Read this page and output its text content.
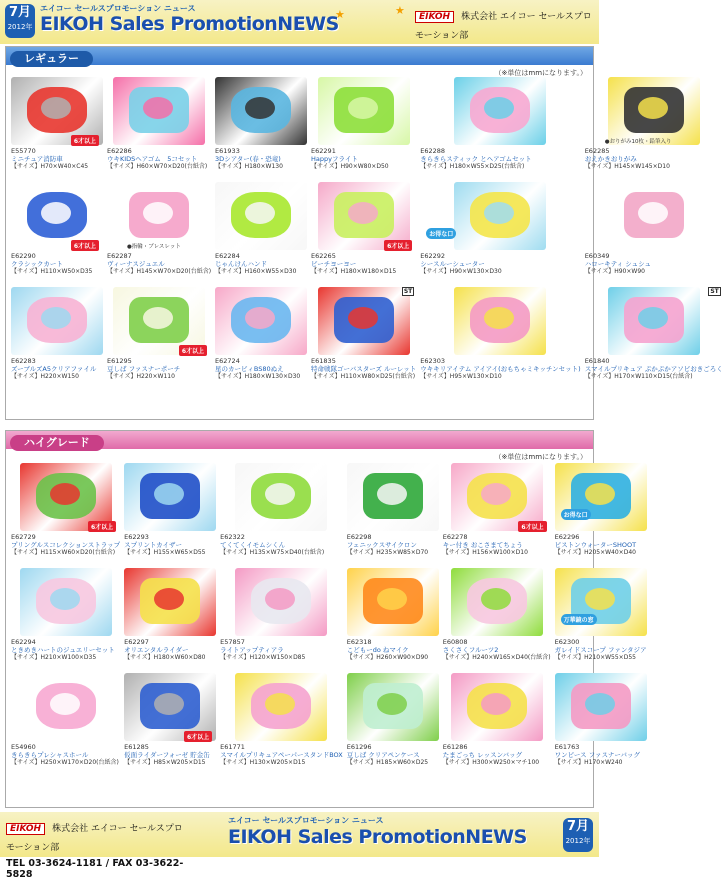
7月
2012年
エイコー セールスプロモーション ニュース
EIKOH Sales PromotionNEWS
★	★	EIKOH 株式会社 エイコー セールスプロモーション部
レギュラー
（※単位はmmになります。）
E55770
ミニチュア消防車
【サイズ】H70×W40×C45
6才以上
E62286
ウキKIDSヘアゴム　5コセット
【サイズ】H60×W70×D20(台紙含)
E61933
3Dシアター(春・恐竜)
【サイズ】H180×W130
E62291
Happyフライト
【サイズ】H90×W80×D50
E62288
きらきらスティック とヘアゴムセット
【サイズ】H180×W55×D25(台紙含)
E62285
おえかきおりがみ
【サイズ】H145×W145×D10
●おりがみ10枚・鉛筆入り
E62290
クラシックカート
【サイズ】H110×W50×D35
6才以上
E62287
ヴィーナスジュエル
【サイズ】H145×W70×D20(台紙含)
●指輪・ブレスレット
E62284
じゃんけんハンド
【サイズ】H160×W55×D30
E62265
ピーチヨーヨー
【サイズ】H180×W180×D15
6才以上
E62292
シースルーシューター
【サイズ】H90×W130×D30
お得な口
E60349
ハローキティ シュシュ
【サイズ】H90×W90
E62283
ズーブルズA5クリアファイル
【サイズ】H220×W150
E61295
豆しば ファスナーポーチ
【サイズ】H220×W110
6才以上
E62724
星のカービィBS80ぬえ
【サイズ】H180×W130×D30
E61835
特命戦隊ゴーバスターズ ルーレット
【サイズ】H110×W80×D25(台紙含)
ST
E62303
ウキキリアイテム アイアイ(おもちゃミキッチンセット)
【サイズ】H95×W130×D10
E61840
スマイルプリキュア ぷかぷかアソビおきごろく
【サイズ】H170×W110×D15(台紙含)
ST
ハイグレード
（※単位はmmになります。）
E62729
プリングルスコレクションストラップ
【サイズ】H115×W60×D20(台紙含)
6才以上
E62293
スプリントカイザー
【サイズ】H155×W65×D55
E62322
てくてくイモムシくん
【サイズ】H135×W75×D40(台紙含)
E62298
フェニックスサイクロン
【サイズ】H235×W85×D70
E62278
キー付き おこさまてちょう
【サイズ】H156×W100×D10
6才以上
E62296
ピストンウォーターSHOOT
【サイズ】H205×W40×D40
お得な口
E62294
ときめきハートのジュエリーセット
【サイズ】H210×W100×D35
E62297
オリエンタルライダー
【サイズ】H180×W60×D80
E57857
ライトアップティアラ
【サイズ】H120×W150×D85
E62318
こどもーdo ねマイク
【サイズ】H260×W90×D90
E60808
さくさくフルーツ2
【サイズ】H240×W165×D40(台紙含)
E62300
ガレイドスコープ ファンタジア
【サイズ】H210×W55×D55
万華鏡の窓
E54960
きらきらプレシャスホール
【サイズ】H250×W170×D20(台紙含)
E61285
仮面ライダーフォーゼ 貯金缶
【サイズ】H85×W205×D15
6才以上
E61771
スマイルプリキュアペーパースタンドBOX
【サイズ】H130×W205×D15
E61296
豆しば クリアペンケース
【サイズ】H185×W60×D25
E61286
たまごっち レッスンバッグ
【サイズ】H300×W250×マチ100
E61763
ワンピース ファスナーバッグ
【サイズ】H170×W240
EIKOH 株式会社 エイコー セールスプロモーション部
TEL 03-3624-1181 / FAX 03-3622-5828
エイコー セールスプロモーション ニュース
EIKOH Sales PromotionNEWS	7月
2012年
